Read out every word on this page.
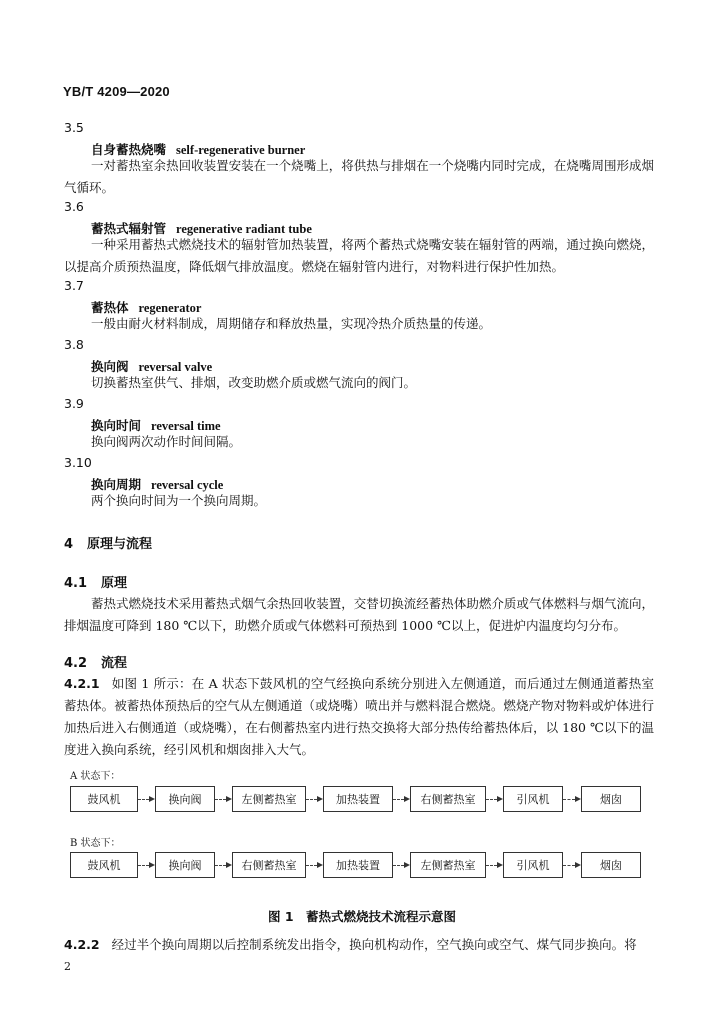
YB/T 4209—2020
3.5
自身蓄热烧嘴 self-regenerative burner
一对蓄热室余热回收装置安装在一个烧嘴上，将供热与排烟在一个烧嘴内同时完成，在烧嘴周围形成烟气循环。
3.6
蓄热式辐射管 regenerative radiant tube
一种采用蓄热式燃烧技术的辐射管加热装置，将两个蓄热式烧嘴安装在辐射管的两端，通过换向燃烧，以提高介质预热温度，降低烟气排放温度。燃烧在辐射管内进行，对物料进行保护性加热。
3.7
蓄热体 regenerator
一般由耐火材料制成，周期储存和释放热量，实现冷热介质热量的传递。
3.8
换向阀 reversal valve
切换蓄热室供气、排烟，改变助燃介质或燃气流向的阀门。
3.9
换向时间 reversal time
换向阀两次动作时间间隔。
3.10
换向周期 reversal cycle
两个换向时间为一个换向周期。
4 原理与流程
4.1 原理
蓄热式燃烧技术采用蓄热式烟气余热回收装置，交替切换流经蓄热体助燃介质或气体燃料与烟气流向，排烟温度可降到 180 ℃以下，助燃介质或气体燃料可预热到 1000 ℃以上，促进炉内温度均匀分布。
4.2 流程
4.2.1 如图 1 所示：在 A 状态下鼓风机的空气经换向系统分别进入左侧通道，而后通过左侧通道蓄热室蓄热体。被蓄热体预热后的空气从左侧通道（或烧嘴）喷出并与燃料混合燃烧。燃烧产物对物料或炉体进行加热后进入右侧通道（或烧嘴），在右侧蓄热室内进行热交换将大部分热传给蓄热体后，以 180 ℃以下的温度进入换向系统，经引风机和烟囱排入大气。
A 状态下：
鼓风机	换向阀	左侧蓄热室	加热装置	右侧蓄热室	引风机	烟囱
B 状态下：
鼓风机	换向阀	右侧蓄热室	加热装置	左侧蓄热室	引风机	烟囱
图 1　蓄热式燃烧技术流程示意图
4.2.2 经过半个换向周期以后控制系统发出指令，换向机构动作，空气换向或空气、煤气同步换向。将
2
